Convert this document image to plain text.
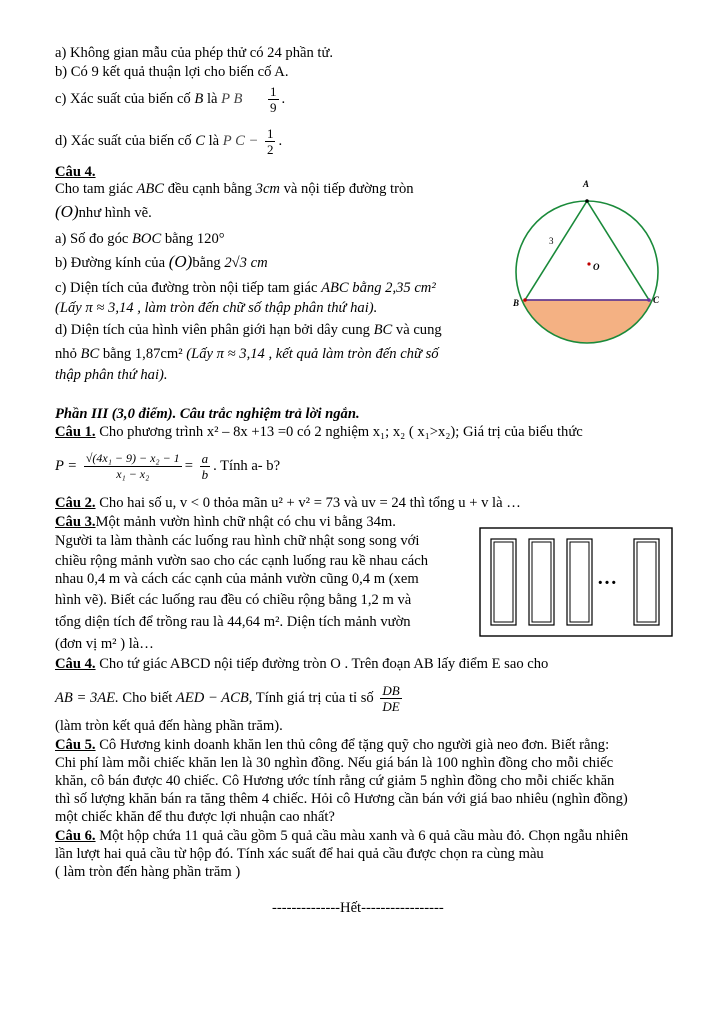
a) Không gian mẫu của phép thử có 24 phần tử.
b) Có 9 kết quả thuận lợi cho biến cố A.
c) Xác suất của biến cố B là P B $\frac{1}{9}$ .
d) Xác suất của biến cố C là P $C - \frac{1}{2}$ .
Câu 4.
Cho tam giác ABC đều cạnh bằng 3cm và nội tiếp đường tròn
(O)như hình vẽ.
a) Số đo góc BOC bằng 120°
b) Đường kính của (O)bằng 2√3 cm
c) Diện tích của đường tròn nội tiếp tam giác ABC bằng 2,35 cm²
(Lấy π ≈ 3,14 , làm tròn đến chữ số thập phân thứ hai).
d) Diện tích của hình viên phân giới hạn bởi dây cung BC và cung
nhỏ BC bằng 1,87cm² (Lấy π ≈ 3,14 , kết quả làm tròn đến chữ số
thập phân thứ hai).
A
B	C
O
3
Phần III (3,0 điểm). Câu trắc nghiệm trả lời ngắn.
Câu 1. Cho phương trình x² – 8x +13 =0 có 2 nghiệm x₁; x₂ ( x₁>x₂); Giá trị của biểu thức
$P = \frac{\text{√(4x₁ − 9) − x₂ − 1}}{\text{x₁ − x₂}} = \frac{a}{b}$ . Tính a- b?
Câu 2. Cho hai số u, v < 0 thỏa mãn u² + v² = 73 và uv = 24 thì tổng u + v là …
Câu 3.Một mảnh vườn hình chữ nhật có chu vi bằng 34m.
Người ta làm thành các luống rau hình chữ nhật song song với
chiều rộng mảnh vườn sao cho các cạnh luống rau kề nhau cách
nhau 0,4 m và cách các cạnh của mảnh vườn cũng 0,4 m (xem
hình vẽ). Biết các luống rau đều có chiều rộng bằng 1,2 m và
tổng diện tích để trồng rau là 44,64 m². Diện tích mảnh vườn
(đơn vị m² ) là…
…
Câu 4. Cho tứ giác ABCD nội tiếp đường tròn O . Trên đoạn AB lấy điểm E sao cho
AB = 3AE. Cho biết AED − ACB, Tính giá trị của tỉ số $\frac{DB}{DE}$
(làm tròn kết quả đến hàng phần trăm).
Câu 5. Cô Hương kinh doanh khăn len thủ công để tặng quỹ cho người già neo đơn. Biết rằng:
Chi phí làm mỗi chiếc khăn len là 30 nghìn đồng. Nếu giá bán là 100 nghìn đồng cho mỗi chiếc
khăn, cô bán được 40 chiếc. Cô Hương ước tính rằng cứ giảm 5 nghìn đồng cho mỗi chiếc khăn
thì số lượng khăn bán ra tăng thêm 4 chiếc. Hỏi cô Hương cần bán với giá bao nhiêu (nghìn đồng)
một chiếc khăn để thu được lợi nhuận cao nhất?
Câu 6. Một hộp chứa 11 quả cầu gồm 5 quả cầu màu xanh và 6 quả cầu màu đỏ. Chọn ngẫu nhiên
lần lượt hai quả cầu từ hộp đó. Tính xác suất để hai quả cầu được chọn ra cùng màu
( làm tròn đến hàng phần trăm )
--------------Hết-----------------
